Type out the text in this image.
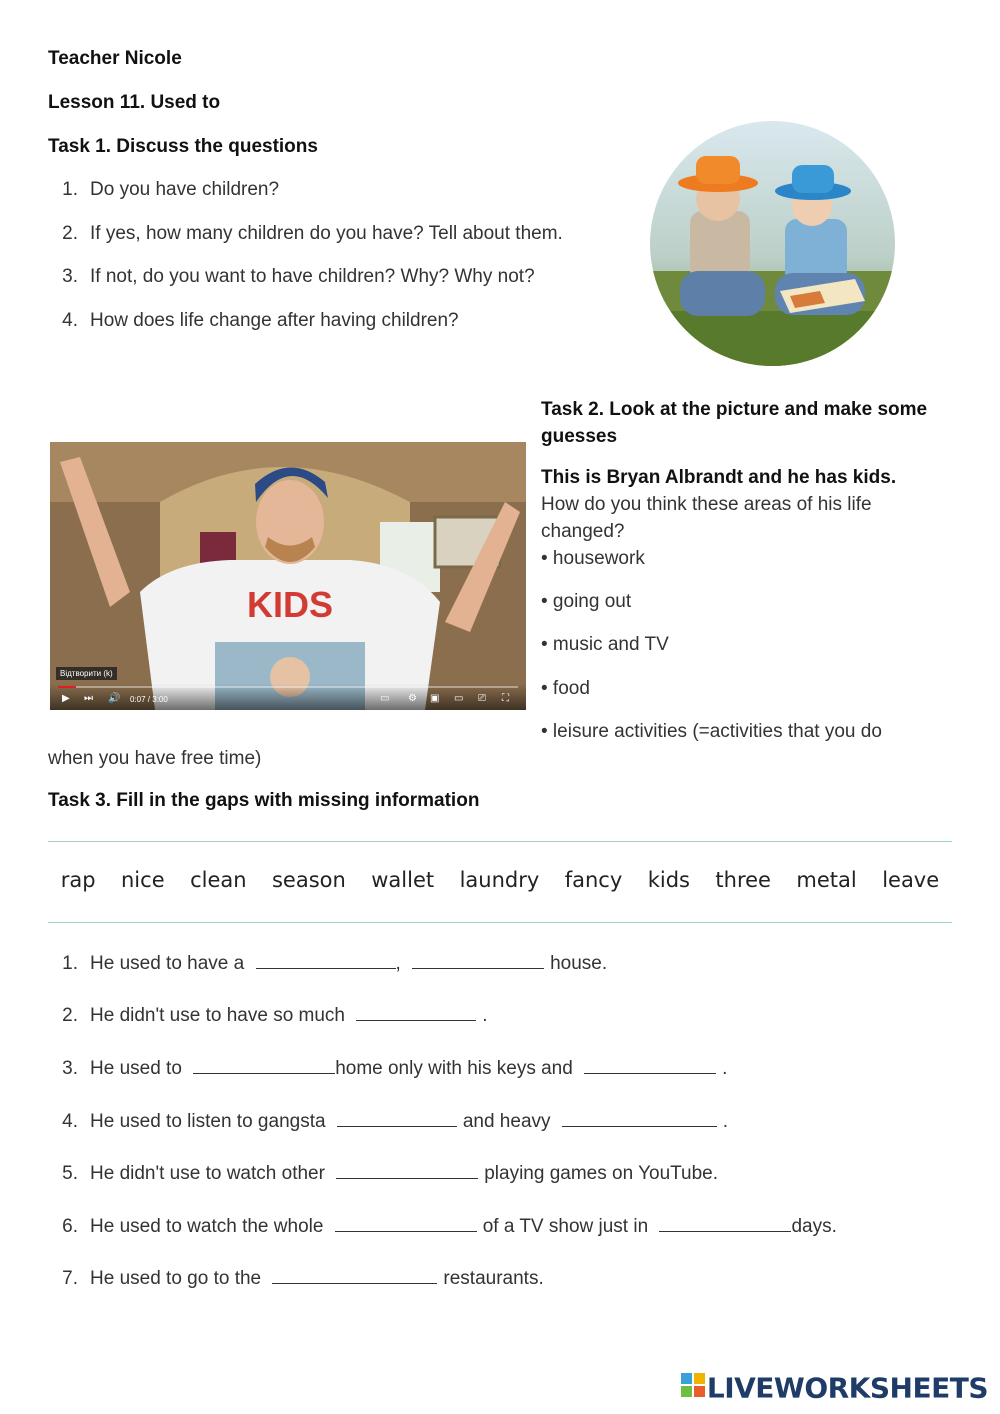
Teacher Nicole
Lesson 11. Used to
Task 1. Discuss the questions
1. Do you have children?
2. If yes, how many children do you have? Tell about them.
3. If not, do you want to have children? Why? Why not?
4. How does life change after having children?
Task 2. Look at the picture and make some
guesses
This is Bryan Albrandt and he has kids.
How do you think these areas of his life
changed?
• housework
• going out
• music and TV
• food
• leisure activities (=activities that you do
when you have free time)
KIDS
Відтворити (k)
▶ ⏭ 🔊 0:07 / 3:00	▭ ⚙ ▣ ▭ ⎚ ⛶
Task 3. Fill in the gaps with missing information
rap nice clean season wallet laundry fancy kids three metal leave
1. He used to have a	,	house.
2. He didn't use to have so much	.
3. He used to	home only with his keys and	.
4. He used to listen to gangsta	and heavy	.
5. He didn't use to watch other	playing games on YouTube.
6. He used to watch the whole	of a TV show just in	days.
7. He used to go to the	restaurants.
LIVEWORKSHEETS
